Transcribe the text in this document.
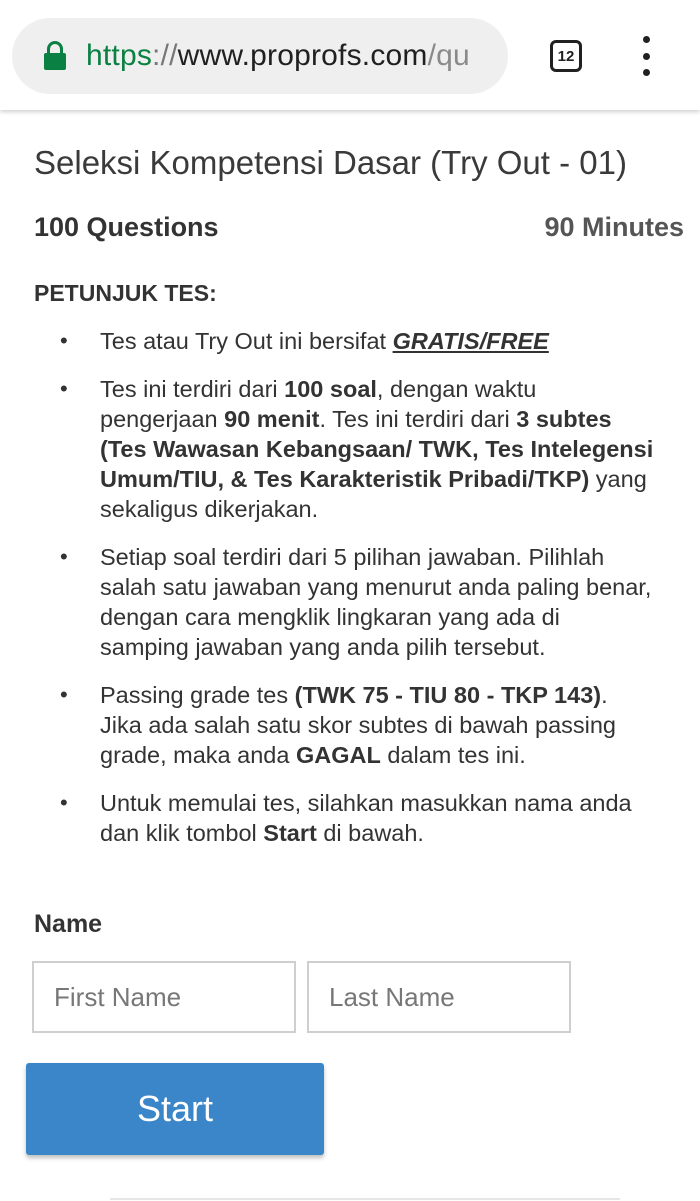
https://www.proprofs.com/qu	12
Seleksi Kompetensi Dasar (Try Out - 01)
100 Questions	90 Minutes
PETUNJUK TES:
• Tes atau Try Out ini bersifat GRATIS/FREE
• Tes ini terdiri dari 100 soal, dengan waktu pengerjaan 90 menit. Tes ini terdiri dari 3 subtes (Tes Wawasan Kebangsaan/ TWK, Tes Intelegensi Umum/TIU, & Tes Karakteristik Pribadi/TKP) yang sekaligus dikerjakan.
• Setiap soal terdiri dari 5 pilihan jawaban. Pilihlah salah satu jawaban yang menurut anda paling benar, dengan cara mengklik lingkaran yang ada di samping jawaban yang anda pilih tersebut.
• Passing grade tes (TWK 75 - TIU 80 - TKP 143). Jika ada salah satu skor subtes di bawah passing grade, maka anda GAGAL dalam tes ini.
• Untuk memulai tes, silahkan masukkan nama anda dan klik tombol Start di bawah.
Name
First Name
Last Name
Start
